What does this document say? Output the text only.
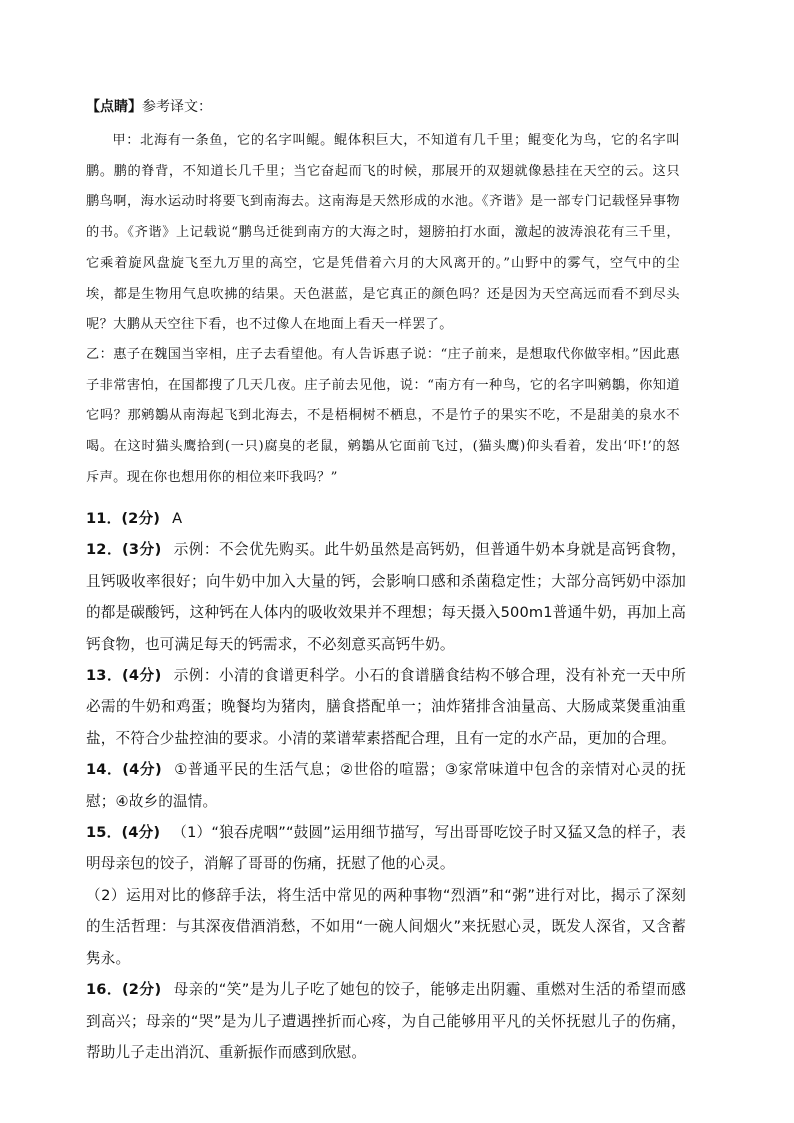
【点睛】参考译文：

甲：北海有一条鱼，它的名字叫鲲。鲲体积巨大，不知道有几千里；鲲变化为鸟，它的名字叫鹏。鹏的脊背，不知道长几千里；当它奋起而飞的时候，那展开的双翅就像悬挂在天空的云。这只鹏鸟啊，海水运动时将要飞到南海去。这南海是天然形成的水池。《齐谐》是一部专门记载怪异事物的书。《齐谐》上记载说“鹏鸟迁徙到南方的大海之时，翅膀拍打水面，激起的波涛浪花有三千里，它乘着旋风盘旋飞至九万里的高空，它是凭借着六月的大风离开的。”山野中的雾气，空气中的尘埃，都是生物用气息吹拂的结果。天色湛蓝，是它真正的颜色吗？还是因为天空高远而看不到尽头呢？大鹏从天空往下看，也不过像人在地面上看天一样罢了。

乙：惠子在魏国当宰相，庄子去看望他。有人告诉惠子说：“庄子前来，是想取代你做宰相。”因此惠子非常害怕，在国都搜了几天几夜。庄子前去见他，说：“南方有一种鸟，它的名字叫鹓鶵，你知道它吗？那鹓鶵从南海起飞到北海去，不是梧桐树不栖息，不是竹子的果实不吃，不是甜美的泉水不喝。在这时猫头鹰拾到(一只)腐臭的老鼠，鹓鶵从它面前飞过，(猫头鹰)仰头看着，发出‘吓!’的怒斥声。现在你也想用你的相位来吓我吗？”

11．(2分) A

12．(3分) 示例：不会优先购买。此牛奶虽然是高钙奶，但普通牛奶本身就是高钙食物，且钙吸收率很好；向牛奶中加入大量的钙，会影响口感和杀菌稳定性；大部分高钙奶中添加的都是碳酸钙，这种钙在人体内的吸收效果并不理想；每天摄入500m1普通牛奶，再加上高钙食物，也可满足每天的钙需求，不必刻意买高钙牛奶。

13．(4分) 示例：小清的食谱更科学。小石的食谱膳食结构不够合理，没有补充一天中所必需的牛奶和鸡蛋；晚餐均为猪肉，膳食搭配单一；油炸猪排含油量高、大肠咸菜煲重油重盐，不符合少盐控油的要求。小清的菜谱荤素搭配合理，且有一定的水产品，更加的合理。

14．(4分) ①普通平民的生活气息；②世俗的喧嚣；③家常味道中包含的亲情对心灵的抚慰；④故乡的温情。

15．(4分) （1）“狼吞虎咽”“鼓圆”运用细节描写，写出哥哥吃饺子时又猛又急的样子，表明母亲包的饺子，消解了哥哥的伤痛，抚慰了他的心灵。

（2）运用对比的修辞手法，将生活中常见的两种事物“烈酒”和“粥”进行对比，揭示了深刻的生活哲理：与其深夜借酒消愁，不如用“一碗人间烟火”来抚慰心灵，既发人深省，又含蓄隽永。

16．(2分) 母亲的“笑”是为儿子吃了她包的饺子，能够走出阴霾、重燃对生活的希望而感到高兴；母亲的“哭”是为儿子遭遇挫折而心疼，为自己能够用平凡的关怀抚慰儿子的伤痛，帮助儿子走出消沉、重新振作而感到欣慰。
